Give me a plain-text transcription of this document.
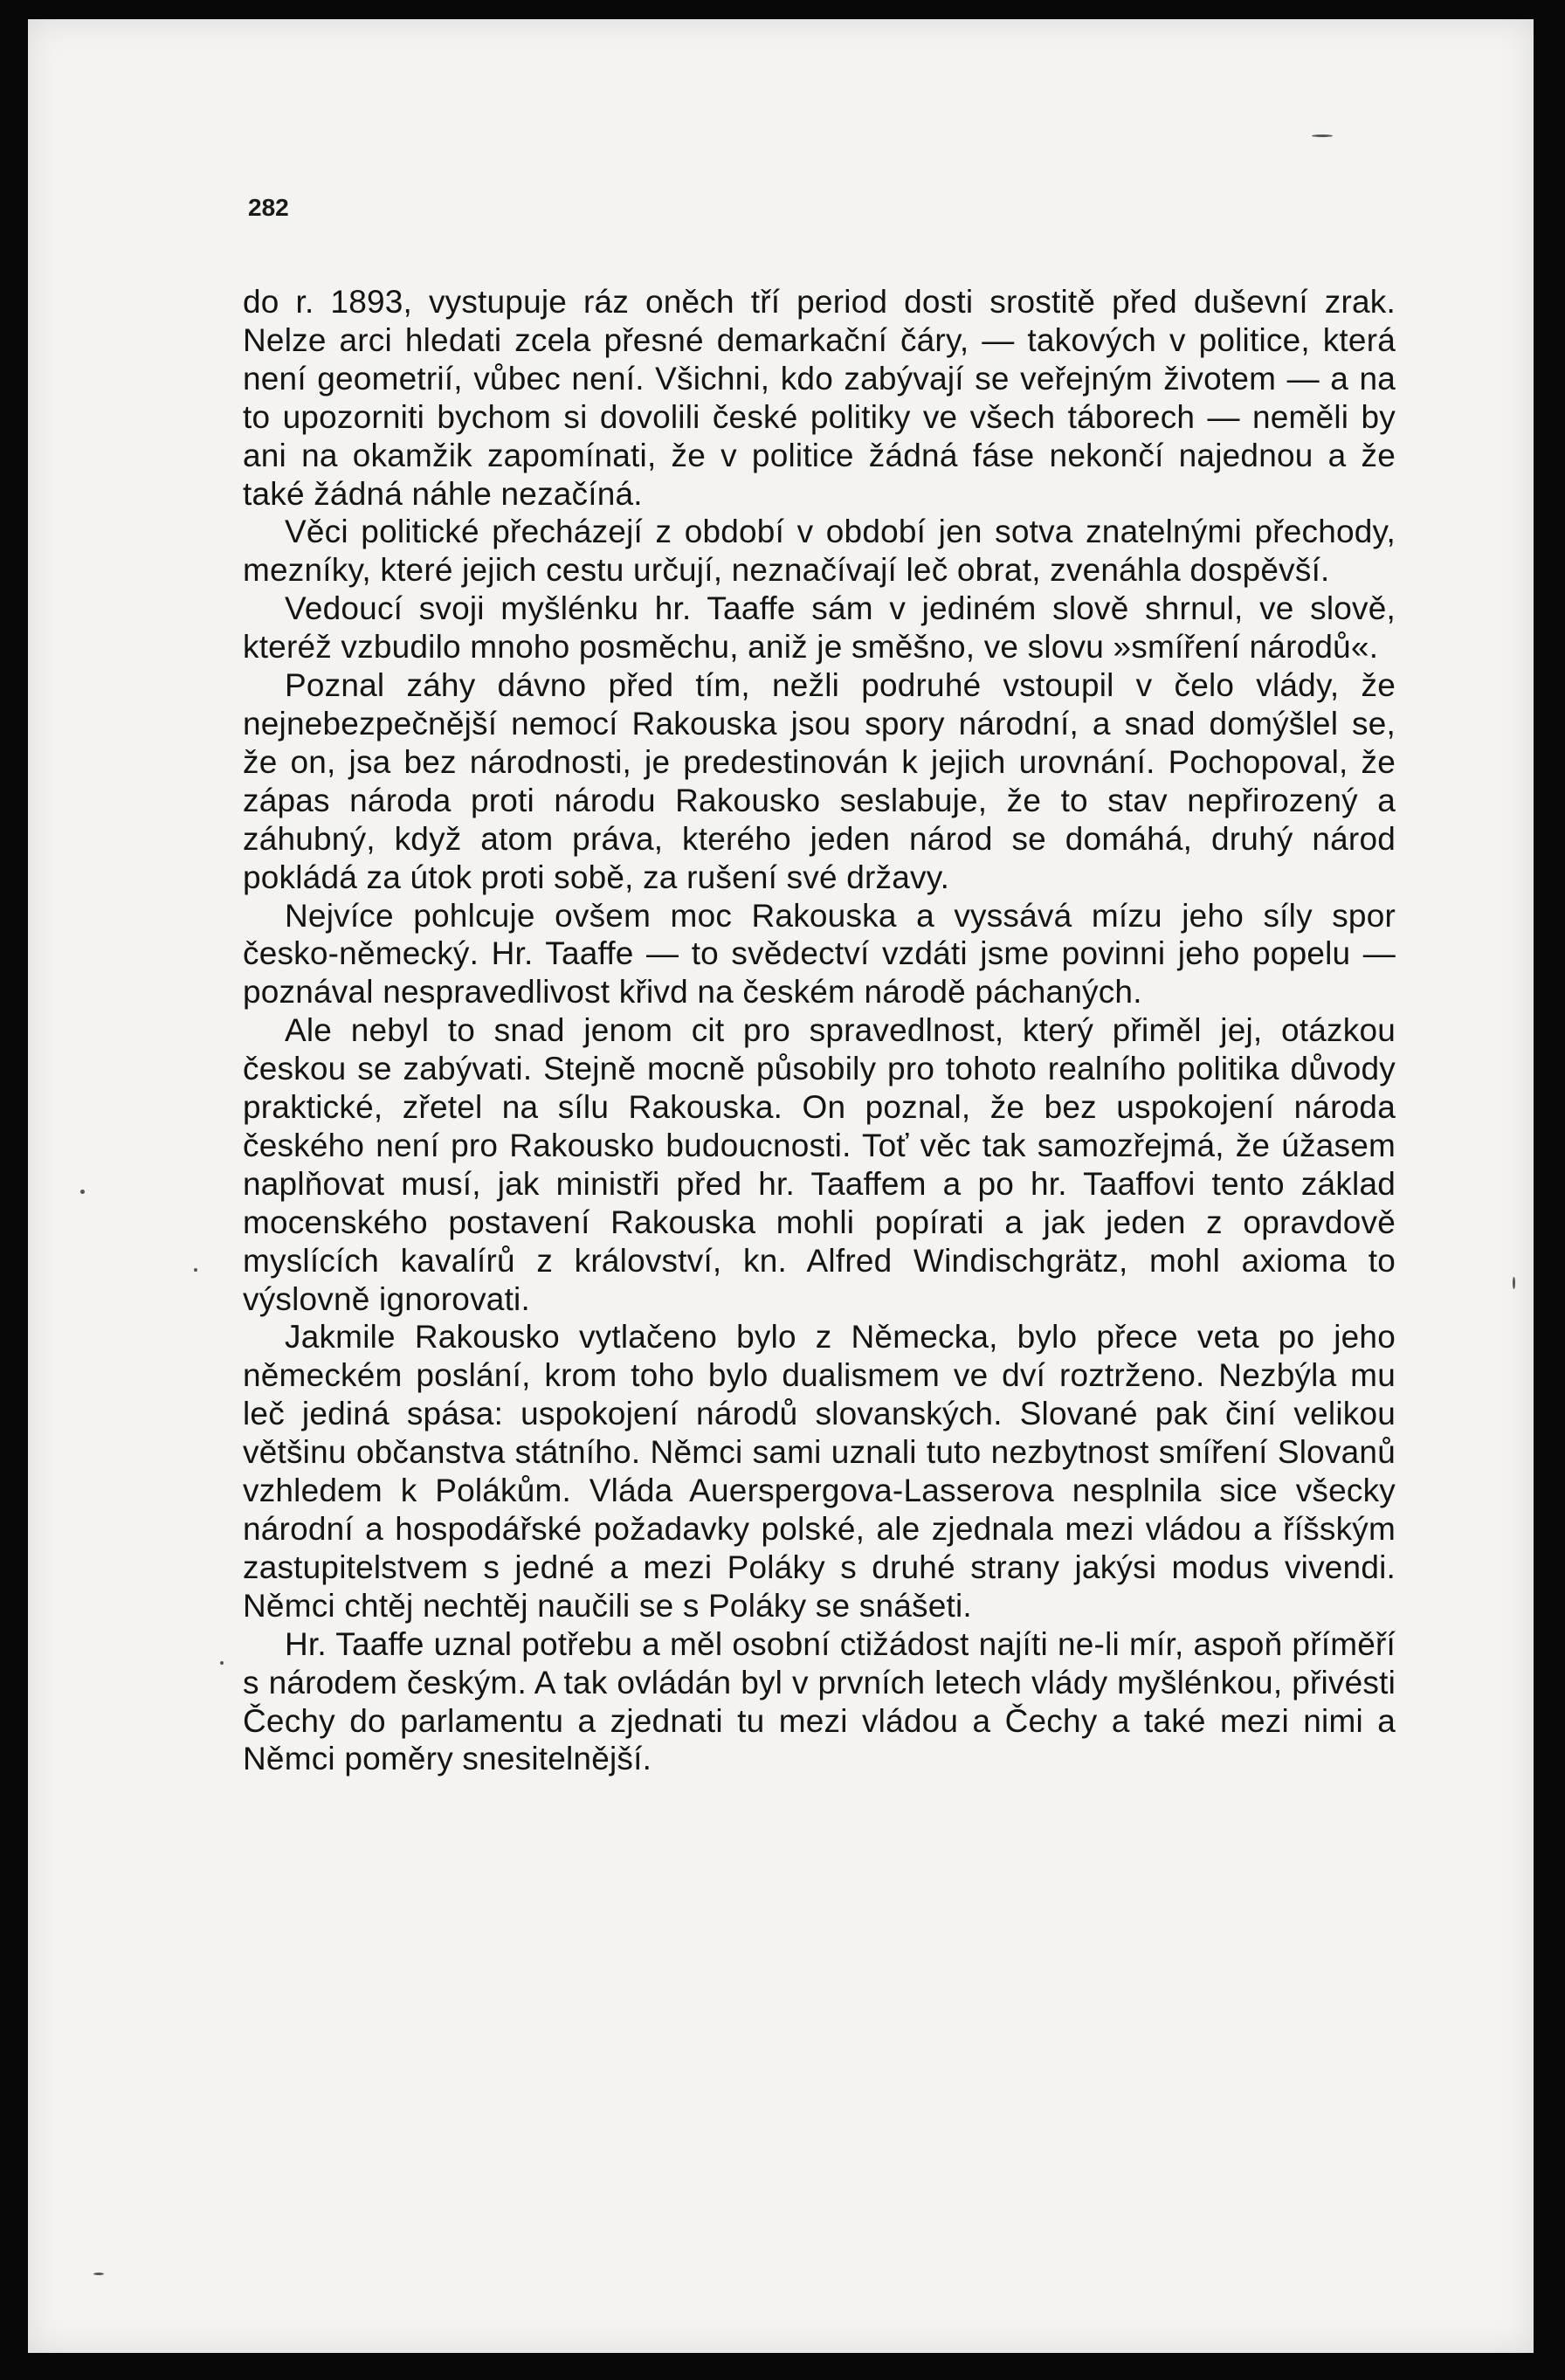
282

do r. 1893, vystupuje ráz oněch tří period dosti srostitě před duševní zrak. Nelze arci hledati zcela přesné demarkační čáry, — takových v politice, která není geometrií, vůbec není. Všichni, kdo zabývají se veřejným životem — a na to upozorniti bychom si dovolili české politiky ve všech táborech — neměli by ani na okamžik zapomínati, že v politice žádná fáse nekončí najednou a že také žádná náhle nezačíná.

Věci politické přecházejí z období v období jen sotva znatelnými přechody, mezníky, které jejich cestu určují, neznačívají leč obrat, zvenáhla dospěvší.

Vedoucí svoji myšlénku hr. Taaffe sám v jediném slově shrnul, ve slově, kteréž vzbudilo mnoho posměchu, aniž je směšno, ve slovu »smíření národů«.

Poznal záhy dávno před tím, nežli podruhé vstoupil v čelo vlády, že nejnebezpečnější nemocí Rakouska jsou spory národní, a snad domýšlel se, že on, jsa bez národnosti, je predestinován k jejich urovnání. Pochopoval, že zápas národa proti národu Rakousko seslabuje, že to stav nepřirozený a záhubný, když atom práva, kterého jeden národ se domáhá, druhý národ pokládá za útok proti sobě, za rušení své državy.

Nejvíce pohlcuje ovšem moc Rakouska a vyssává mízu jeho síly spor česko-německý. Hr. Taaffe — to svědectví vzdáti jsme povinni jeho popelu — poznával nespravedlivost křivd na českém národě páchaných.

Ale nebyl to snad jenom cit pro spravedlnost, který přiměl jej, otázkou českou se zabývati. Stejně mocně působily pro tohoto realního politika důvody praktické, zřetel na sílu Rakouska. On poznal, že bez uspokojení národa českého není pro Rakousko budoucnosti. Toť věc tak samozřejmá, že úžasem naplňovat musí, jak ministři před hr. Taaffem a po hr. Taaffovi tento základ mocenského postavení Rakouska mohli popírati a jak jeden z opravdově myslících kavalírů z království, kn. Alfred Windischgrätz, mohl axioma to výslovně ignorovati.

Jakmile Rakousko vytlačeno bylo z Německa, bylo přece veta po jeho německém poslání, krom toho bylo dualismem ve dví roztrženo. Nezbýla mu leč jediná spása: uspokojení národů slovanských. Slované pak činí velikou většinu občanstva státního. Němci sami uznali tuto nezbytnost smíření Slovanů vzhledem k Polákům. Vláda Auerspergova-Lasserova nesplnila sice všecky národní a hospodářské požadavky polské, ale zjednala mezi vládou a říšským zastupitelstvem s jedné a mezi Poláky s druhé strany jakýsi modus vivendi. Němci chtěj nechtěj naučili se s Poláky se snášeti.

Hr. Taaffe uznal potřebu a měl osobní ctižádost najíti ne-li mír, aspoň příměří s národem českým. A tak ovládán byl v prvních letech vlády myšlénkou, přivésti Čechy do parlamentu a zjednati tu mezi vládou a Čechy a také mezi nimi a Němci poměry snesitelnější.
